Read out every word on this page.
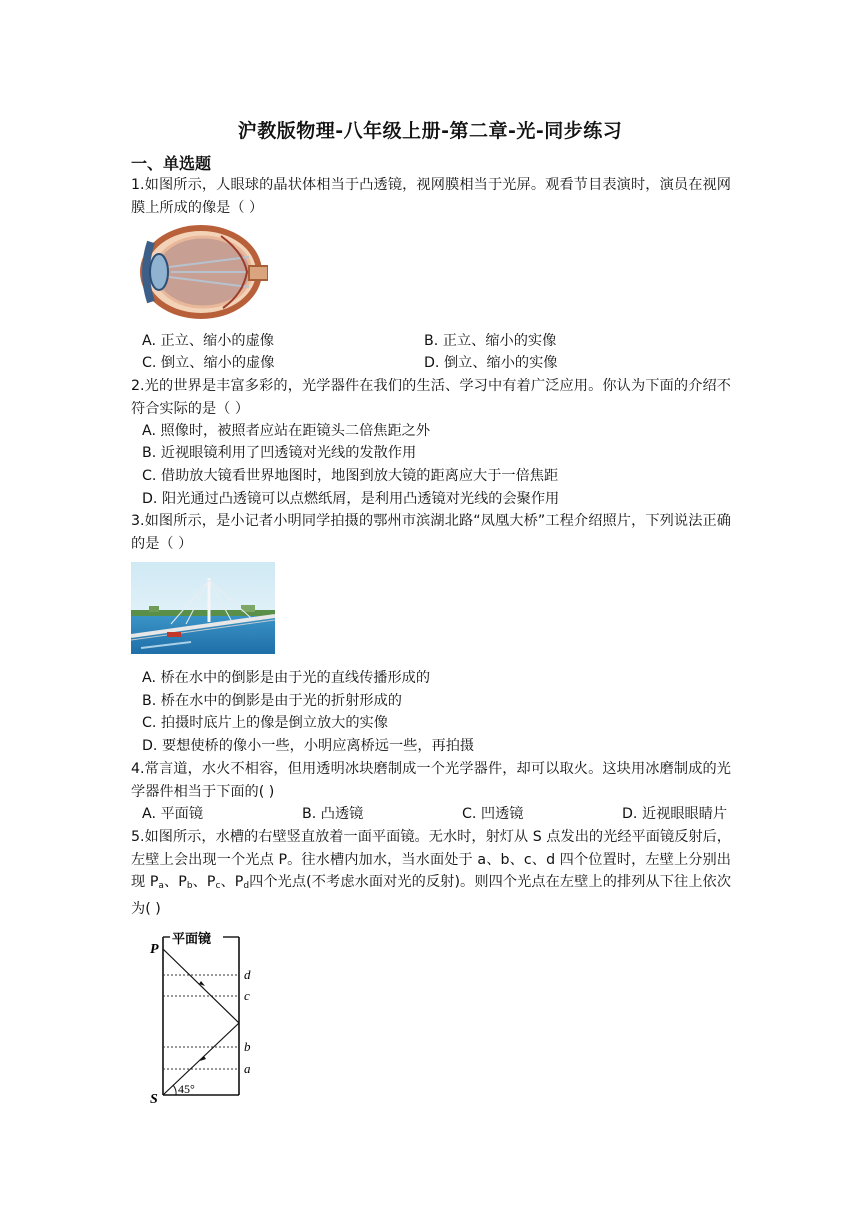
沪教版物理-八年级上册-第二章-光-同步练习
一、单选题
1.如图所示，人眼球的晶状体相当于凸透镜，视网膜相当于光屏。观看节目表演时，演员在视网膜上所成的像是（ ）
A. 正立、缩小的虚像	B. 正立、缩小的实像
C. 倒立、缩小的虚像	D. 倒立、缩小的实像
2.光的世界是丰富多彩的，光学器件在我们的生活、学习中有着广泛应用。你认为下面的介绍不符合实际的是（ ）
A. 照像时，被照者应站在距镜头二倍焦距之外
B. 近视眼镜利用了凹透镜对光线的发散作用
C. 借助放大镜看世界地图时，地图到放大镜的距离应大于一倍焦距
D. 阳光通过凸透镜可以点燃纸屑，是利用凸透镜对光线的会聚作用
3.如图所示，是小记者小明同学拍摄的鄂州市滨湖北路“凤凰大桥”工程介绍照片，下列说法正确的是（ ）
A. 桥在水中的倒影是由于光的直线传播形成的
B. 桥在水中的倒影是由于光的折射形成的
C. 拍摄时底片上的像是倒立放大的实像
D. 要想使桥的像小一些，小明应离桥远一些，再拍摄
4.常言道，水火不相容，但用透明冰块磨制成一个光学器件，却可以取火。这块用冰磨制成的光学器件相当于下面的( )
A. 平面镜	B. 凸透镜	C. 凹透镜	D. 近视眼眼睛片
5.如图所示，水槽的右壁竖直放着一面平面镜。无水时，射灯从 S 点发出的光经平面镜反射后，左壁上会出现一个光点 P。往水槽内加水，当水面处于 a、b、c、d 四个位置时，左壁上分别出现 $P_a$、$P_b$、$P_c$、$P_d$四个光点(不考虑水面对光的反射)。则四个光点在左壁上的排列从下往上依次为( )
平面镜
P
S
d
c
b
a
45°
